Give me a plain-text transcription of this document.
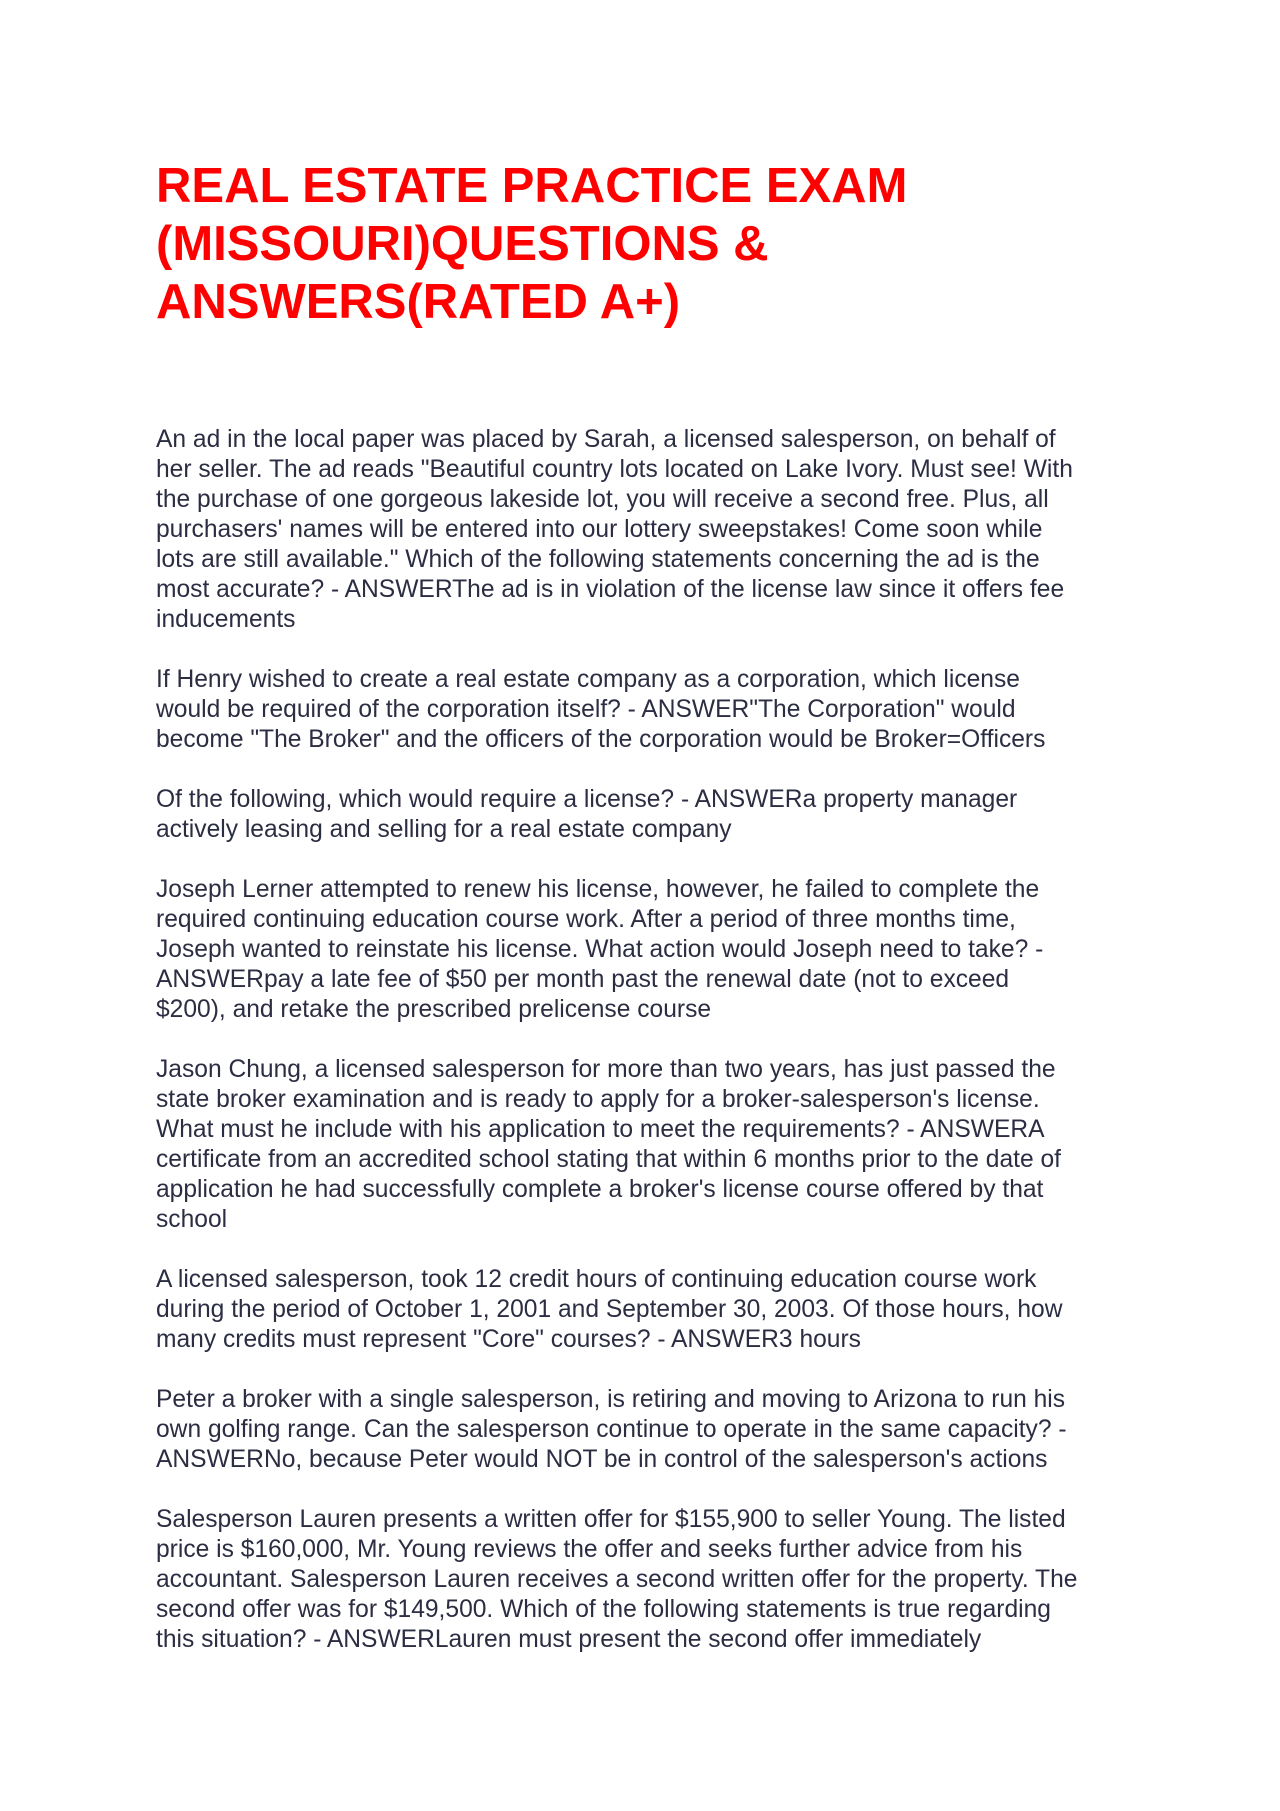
REAL ESTATE PRACTICE EXAM
(MISSOURI)QUESTIONS &
ANSWERS(RATED A+)

An ad in the local paper was placed by Sarah, a licensed salesperson, on behalf of
her seller. The ad reads "Beautiful country lots located on Lake Ivory. Must see! With
the purchase of one gorgeous lakeside lot, you will receive a second free. Plus, all
purchasers' names will be entered into our lottery sweepstakes! Come soon while
lots are still available." Which of the following statements concerning the ad is the
most accurate? - ANSWERThe ad is in violation of the license law since it offers fee
inducements

If Henry wished to create a real estate company as a corporation, which license
would be required of the corporation itself? - ANSWER"The Corporation" would
become "The Broker" and the officers of the corporation would be Broker=Officers

Of the following, which would require a license? - ANSWERa property manager
actively leasing and selling for a real estate company

Joseph Lerner attempted to renew his license, however, he failed to complete the
required continuing education course work. After a period of three months time,
Joseph wanted to reinstate his license. What action would Joseph need to take? -
ANSWERpay a late fee of $50 per month past the renewal date (not to exceed
$200), and retake the prescribed prelicense course

Jason Chung, a licensed salesperson for more than two years, has just passed the
state broker examination and is ready to apply for a broker-salesperson's license.
What must he include with his application to meet the requirements? - ANSWERA
certificate from an accredited school stating that within 6 months prior to the date of
application he had successfully complete a broker's license course offered by that
school

A licensed salesperson, took 12 credit hours of continuing education course work
during the period of October 1, 2001 and September 30, 2003. Of those hours, how
many credits must represent "Core" courses? - ANSWER3 hours

Peter a broker with a single salesperson, is retiring and moving to Arizona to run his
own golfing range. Can the salesperson continue to operate in the same capacity? -
ANSWERNo, because Peter would NOT be in control of the salesperson's actions

Salesperson Lauren presents a written offer for $155,900 to seller Young. The listed
price is $160,000, Mr. Young reviews the offer and seeks further advice from his
accountant. Salesperson Lauren receives a second written offer for the property. The
second offer was for $149,500. Which of the following statements is true regarding
this situation? - ANSWERLauren must present the second offer immediately
